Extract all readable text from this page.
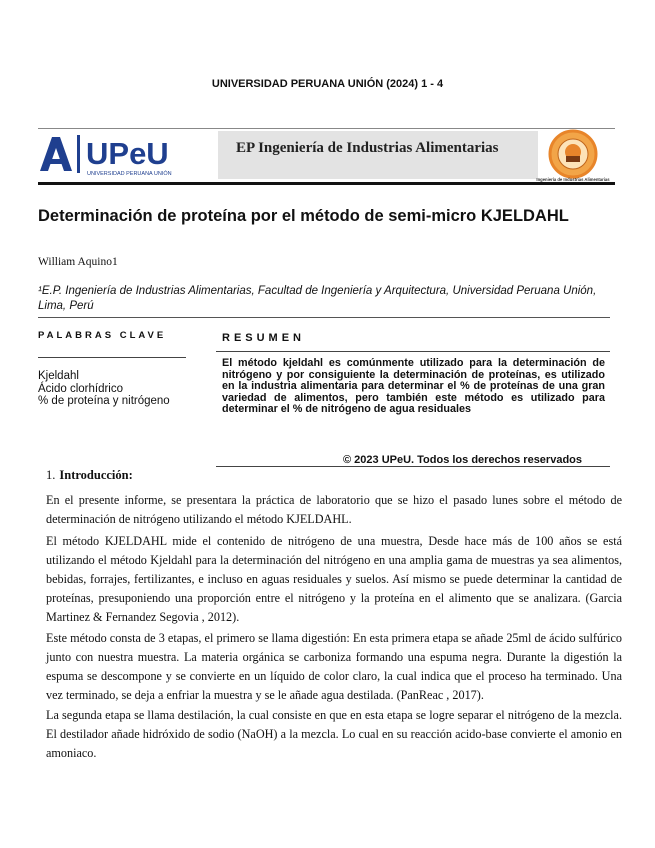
UNIVERSIDAD PERUANA UNIÓN (2024) 1 - 4
UPeU
UNIVERSIDAD PERUANA UNIÓN
EP Ingeniería de Industrias Alimentarias
Ingeniería de Industrias Alimentarias
Determinación de proteína por el método de semi-micro KJELDAHL
William Aquino1
¹E.P. Ingeniería de Industrias Alimentarias, Facultad de Ingeniería y Arquitectura, Universidad Peruana Unión, Lima, Perú
PALABRAS CLAVE
Kjeldahl
Ácido clorhídrico
% de proteína y nitrógeno
RESUMEN
El método kjeldahl es comúnmente utilizado para la determinación de nitrógeno y por consiguiente la determinación de proteínas, es utilizado en la industria alimentaria para determinar el % de proteínas de una gran variedad de alimentos, pero también este método es utilizado para determinar el % de nitrógeno de agua residuales
© 2023 UPeU. Todos los derechos reservados
1. Introducción:
En el presente informe, se presentara la práctica de laboratorio que se hizo el pasado lunes sobre el método de determinación de nitrógeno utilizando el método KJELDAHL.
El método KJELDAHL mide el contenido de nitrógeno de una muestra, Desde hace más de 100 años se está utilizando el método Kjeldahl para la determinación del nitrógeno en una amplia gama de muestras ya sea alimentos, bebidas, forrajes, fertilizantes, e incluso en aguas residuales y suelos. Así mismo se puede determinar la cantidad de proteínas, presuponiendo una proporción entre el nitrógeno y la proteína en el alimento que se analizara. (Garcia Martinez & Fernandez Segovia , 2012).
Este método consta de 3 etapas, el primero se llama digestión: En esta primera etapa se añade 25ml de ácido sulfúrico junto con nuestra muestra. La materia orgánica se carboniza formando una espuma negra. Durante la digestión la espuma se descompone y se convierte en un líquido de color claro, la cual indica que el proceso ha terminado. Una vez terminado, se deja a enfriar la muestra y se le añade agua destilada. (PanReac , 2017).
La segunda etapa se llama destilación, la cual consiste en que en esta etapa se logre separar el nitrógeno de la mezcla. El destilador añade hidróxido de sodio (NaOH) a la mezcla. Lo cual en su reacción acido-base convierte el amonio en amoniaco.
